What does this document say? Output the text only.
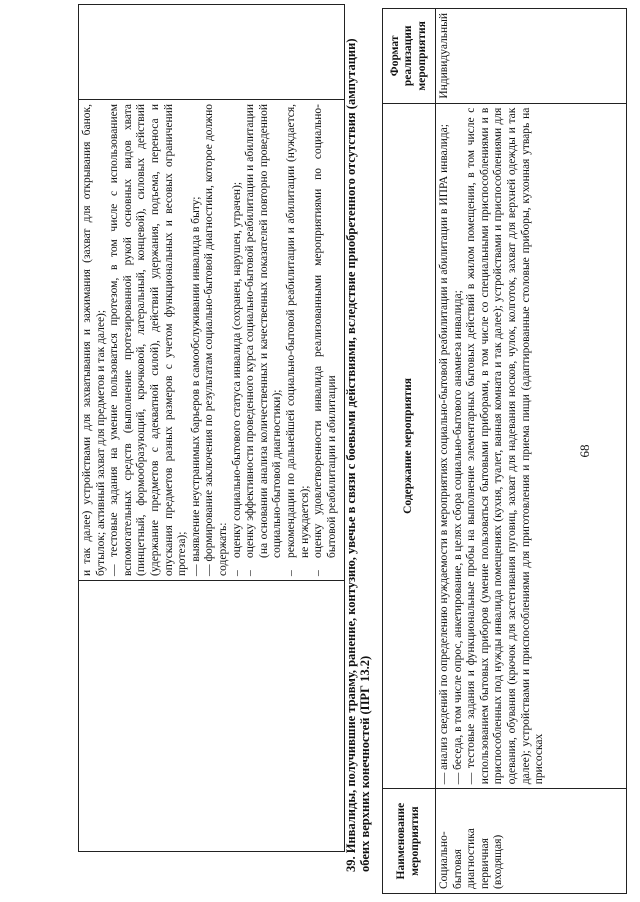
68

и так далее) устройствами для захватывания и зажимания (захват для открывания банок, бутылок; активный захват для предметов и так далее); — тестовые задания на умение пользоваться протезом, в том числе с использованием вспомогательных средств (выполнение протезированной рукой основных видов хвата (пинцетный, формообразующий, крючковой, латеральный, концевой), силовых действий (удержание предметов с адекватной силой), действий удержания, подъема, переноса и опускания предметов разных размеров с учетом функциональных и весовых ограничений протеза); — выявление неустранимых барьеров в самообслуживании инвалида в быту; — формирование заключения по результатам социально-бытовой диагностики, которое должно содержать: –
оценку социально-бытового статуса инвалида (сохранен, нарушен, утрачен);
–
оценку эффективности проведенного курса социально-бытовой реабилитации и абилитации (на основании анализа количественных и качественных показателей повторно проведенной социально-бытовой диагностики);
–
рекомендации по дальнейшей социально-бытовой реабилитации и абилитации (нуждается, не нуждается);
–
оценку удовлетворенности инвалида реализованными мероприятиями по социально-бытовой реабилитации и абилитации
	39. Инвалиды, получившие травму, ранение, контузию, увечье в связи с боевыми действиями, вследствие приобретенного отсутствия (ампутации) обеих верхних конечностей (ПРГ 13.2) Наименование мероприятия	Содержание мероприятия	Формат реализации мероприятия
Социально-бытовая диагностика первичная (входящая)	— анализ сведений по определению нуждаемости в мероприятиях социально-бытовой реабилитации и абилитации в ИПРА инвалида; — беседа, в том числе опрос, анкетирование, в целях сбора социально-бытового анамнеза инвалида; — тестовые задания и функциональные пробы на выполнение элементарных бытовых действий в жилом помещении, в том числе с использованием бытовых приборов (умение пользоваться бытовыми приборами, в том числе со специальными приспособлениями и в приспособленных под нужды инвалида помещениях (кухня, туалет, ванная комната и так далее); устройствами и приспособлениями для одевания, обувания (крючок для застегивания пуговиц, захват для надевания носков, чулок, колготок, захват для верхней одежды и так далее); устройствами и приспособлениями для приготовления и приема пищи (адаптированные столовые приборы, кухонная утварь на присосках	Индивидуальный
